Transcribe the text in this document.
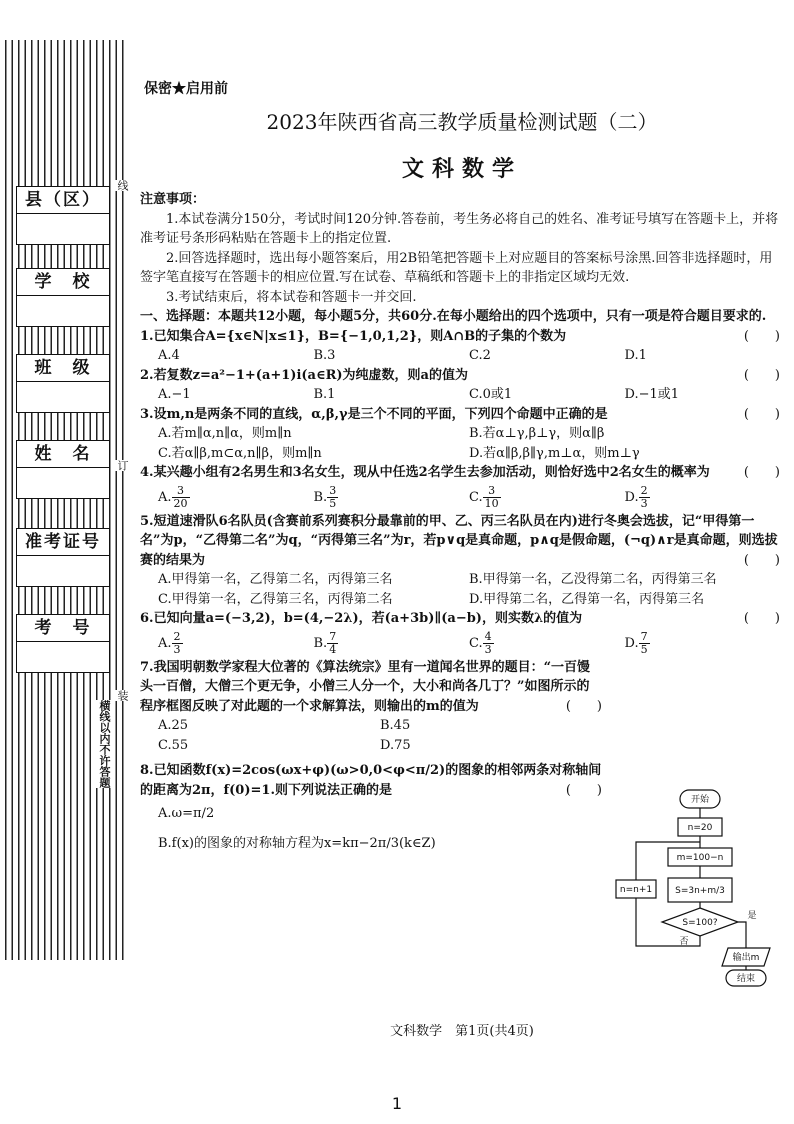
县（区）
学　校
班　级
姓　名
准考证号
考　号
线
订
装
横线以内不许答题
保密★启用前
2023年陕西省高三教学质量检测试题（二）
文科数学

注意事项：

1.本试卷满分150分，考试时间120分钟.答卷前，考生务必将自己的姓名、准考证号填写在答题卡上，并将准考证号条形码粘贴在答题卡上的指定位置.

2.回答选择题时，选出每小题答案后，用2B铅笔把答题卡上对应题目的答案标号涂黑.回答非选择题时，用签字笔直接写在答题卡的相应位置.写在试卷、草稿纸和答题卡上的非指定区域均无效.

3.考试结束后，将本试卷和答题卡一并交回.

一、选择题：本题共12小题，每小题5分，共60分.在每小题给出的四个选项中，只有一项是符合题目要求的.

(　　)
1.已知集合A={x∈N|x≤1}，B={−1,0,1,2}，则A∩B的子集的个数为

A.4	B.3	C.2	D.1

(　　)
2.若复数z=a²−1+(a+1)i(a∈R)为纯虚数，则a的值为

A.−1	B.1	C.0或1	D.−1或1

(　　)
3.设m,n是两条不同的直线，α,β,γ是三个不同的平面，下列四个命题中正确的是

A.若m∥α,n∥α，则m∥n	B.若α⊥γ,β⊥γ，则α∥β
C.若α∥β,m⊂α,n∥β，则m∥n	D.若α∥β,β∥γ,m⊥α，则m⊥γ

4.某兴趣小组有2名男生和3名女生，现从中任选2名学生去参加活动，则恰好选中2名女生的概率为	(　　)

A. $\frac{3}{20}$	B. $\frac{3}{5}$	C. $\frac{3}{10}$	D. $\frac{2}{3}$

5.短道速滑队6名队员(含赛前系列赛积分最靠前的甲、乙、丙三名队员在内)进行冬奥会选拔，记“甲得第一名”为p，“乙得第二名”为q，“丙得第三名”为r，若p∨q是真命题，p∧q是假命题，(¬q)∧r是真命题，则选拔赛的结果为	(　　)

A.甲得第一名，乙得第二名，丙得第三名	B.甲得第一名，乙没得第二名，丙得第三名
C.甲得第一名，乙得第三名，丙得第二名	D.甲得第二名，乙得第一名，丙得第三名

(　　)
6.已知向量a=(−3,2)，b=(4,−2λ)，若(a+3b)∥(a−b)，则实数λ的值为

A. $\frac{2}{3}$	B. $\frac{7}{4}$	C. $\frac{4}{3}$	D. $\frac{7}{5}$

7.我国明朝数学家程大位著的《算法统宗》里有一道闻名世界的题目：“一百馒头一百僧，大僧三个更无争，小僧三人分一个，大小和尚各几丁？”如图所示的程序框图反映了对此题的一个求解算法，则输出的m的值为	(　　)

A.25	B.45
C.55	D.75

8.已知函数f(x)=2cos(ωx+φ)(ω>0,0<φ<π/2)的图象的相邻两条对称轴间的距离为2π，f(0)=1.则下列说法正确的是	(　　)

A.ω=π/2
B.f(x)的图象的对称轴方程为x=kπ−2π/3(k∈Z)
开始
n=20
m=100−n
S=3n+m/3
S=100?
n=n+1
输出m
结束
是
否
文科数学　第1页(共4页)
1
